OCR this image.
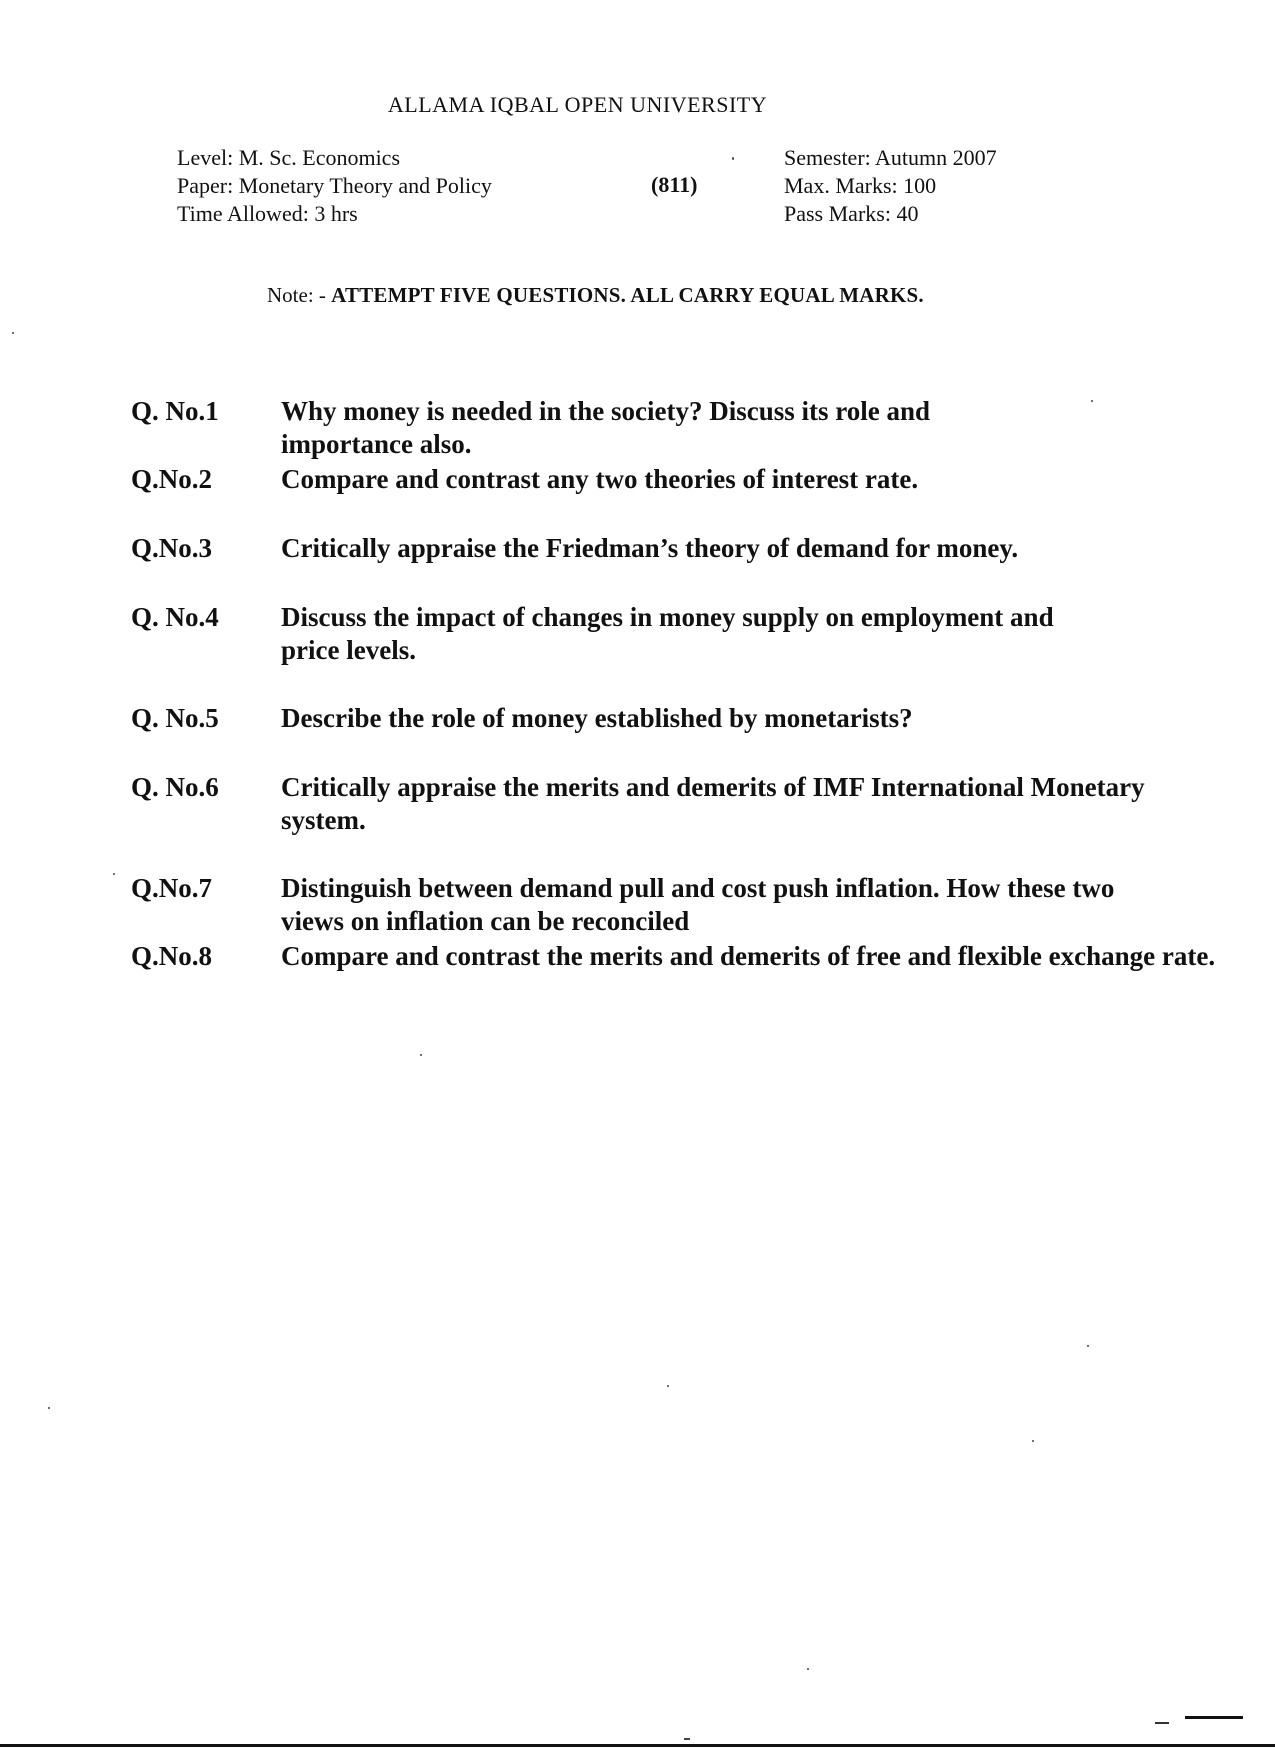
ALLAMA IQBAL OPEN UNIVERSITY
Level: M. Sc. Economics
Paper: Monetary Theory and Policy
Time Allowed: 3 hrs
(811)
Semester: Autumn 2007
Max. Marks: 100
Pass Marks: 40
Note: - ATTEMPT FIVE QUESTIONS. ALL CARRY EQUAL MARKS.
Q. No.1 Why money is needed in the society? Discuss its role and importance also.
Q.No.2	Compare and contrast any two theories of interest rate.
Q.No.3	Critically appraise the Friedman’s theory of demand for money.
Q. No.4 Discuss the impact of changes in money supply on employment and price levels.
Q. No.5 Describe the role of money established by monetarists?
Q. No.6 Critically appraise the merits and demerits of IMF International Monetary system.
Q.No.7	Distinguish between demand pull and cost push inflation. How these two views on inflation can be reconciled
Q.No.8	Compare and contrast the merits and demerits of free and flexible exchange rate.
